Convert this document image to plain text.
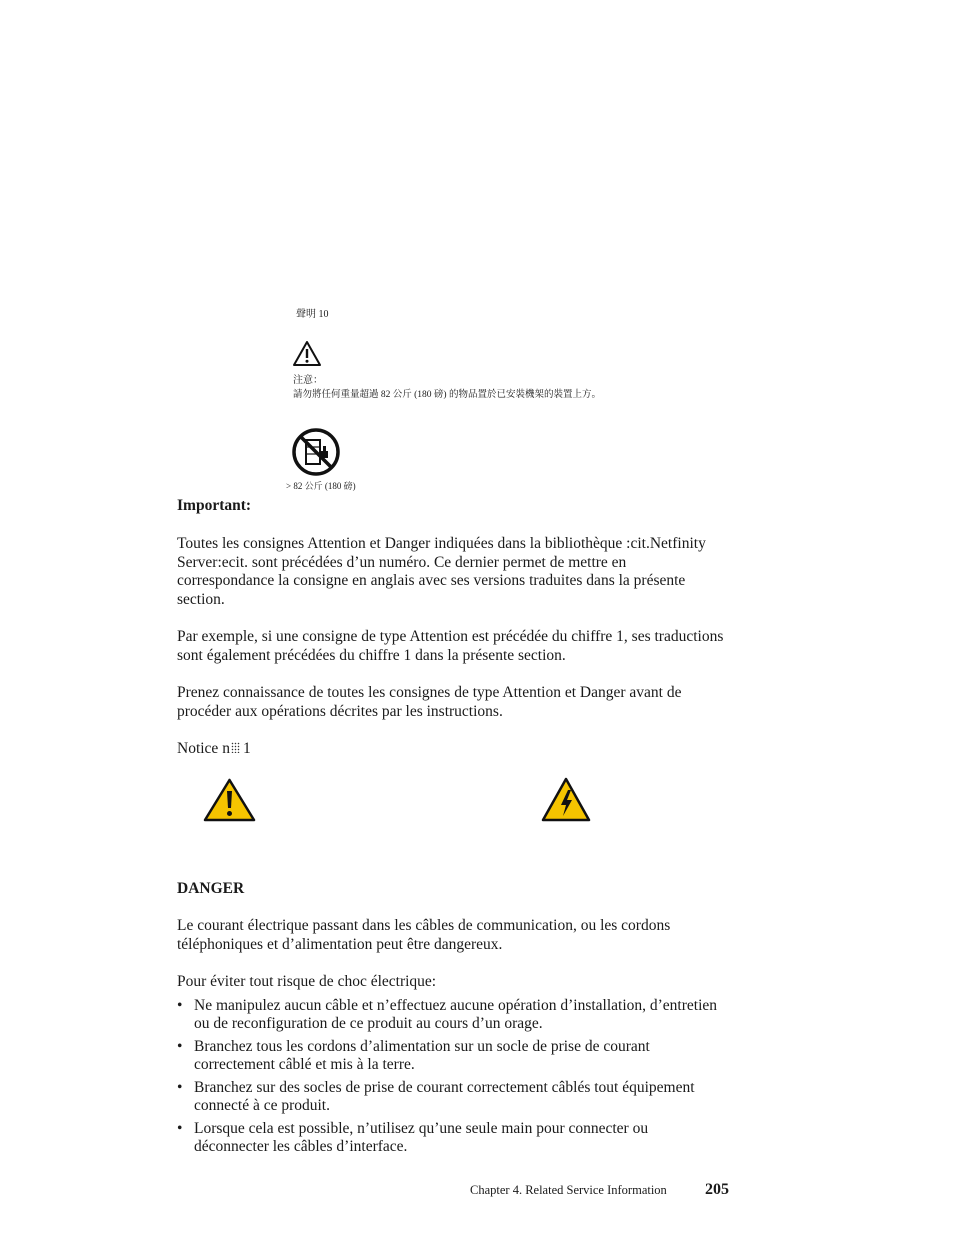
聲明 10
注意：
請勿將任何重量超過 82 公斤 (180 磅) 的物品置於已安裝機架的裝置上方。
> 82 公斤 (180 磅)
Important:

Toutes les consignes Attention et Danger indiquées dans la bibliothèque :cit.Netfinity Server:ecit. sont précédées d’un numéro. Ce dernier permet de mettre en correspondance la consigne en anglais avec ses versions traduites dans la présente section.

Par exemple, si une consigne de type Attention est précédée du chiffre 1, ses traductions sont également précédées du chiffre 1 dans la présente section.

Prenez connaissance de toutes les consignes de type Attention et Danger avant de procéder aux opérations décrites par les instructions.

Notice n 1
DANGER

Le courant électrique passant dans les câbles de communication, ou les cordons téléphoniques et d’alimentation peut être dangereux.

Pour éviter tout risque de choc électrique:

• Ne manipulez aucun câble et n’effectuez aucune opération d’installation, d’entretien ou de reconfiguration de ce produit au cours d’un orage.
• Branchez tous les cordons d’alimentation sur un socle de prise de courant correctement câblé et mis à la terre.
• Branchez sur des socles de prise de courant correctement câblés tout équipement connecté à ce produit.
• Lorsque cela est possible, n’utilisez qu’une seule main pour connecter ou déconnecter les câbles d’interface.
Chapter 4. Related Service Information 205
